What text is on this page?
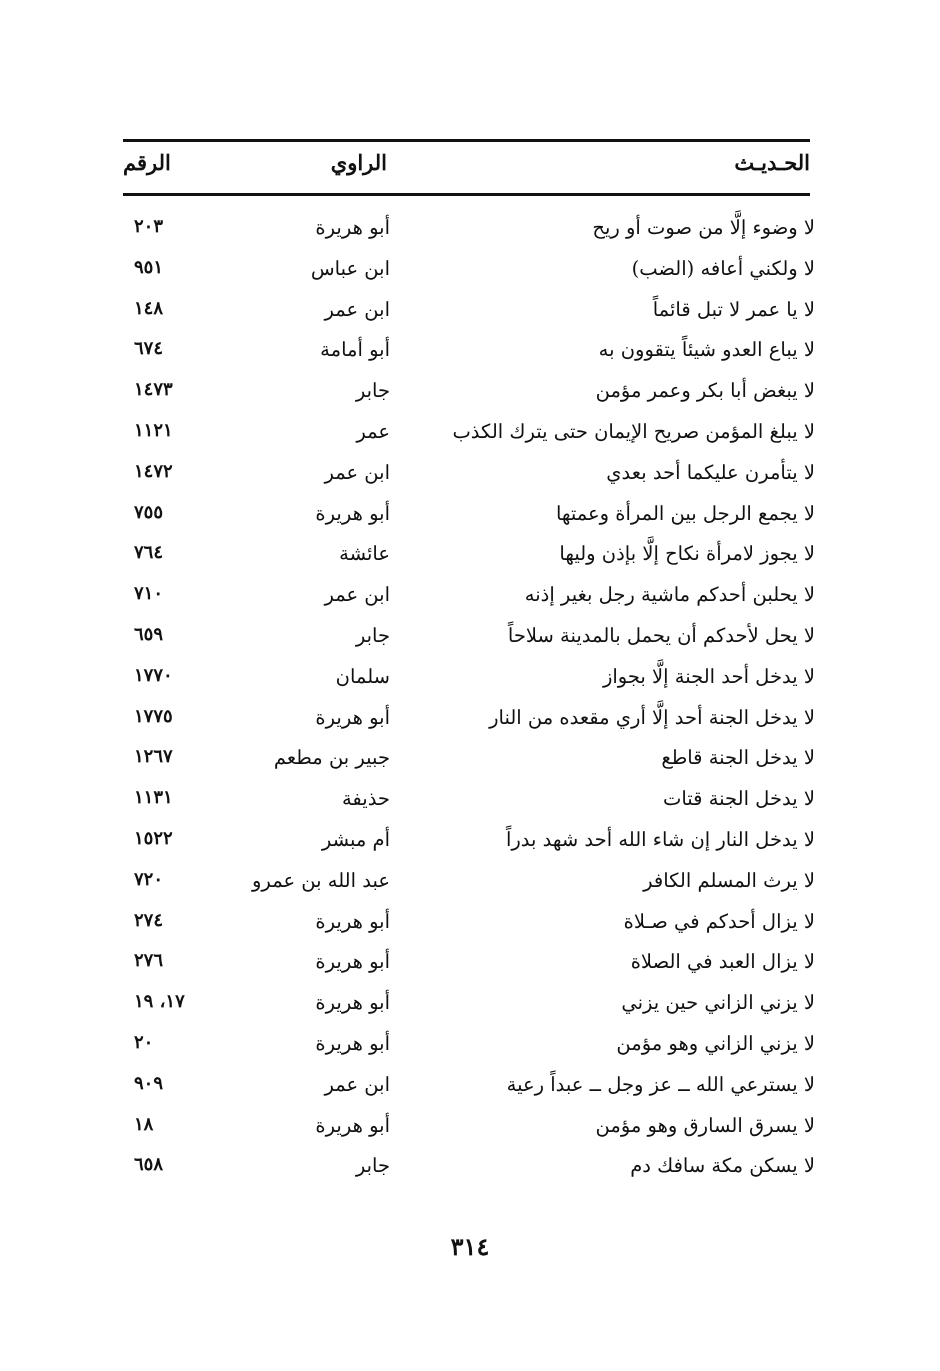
الحـديـث
الراوي
الرقم
لا وضوء إلَّا من صوت أو ريح
أبو هريرة
٢٠٣
لا ولكني أعافه (الضب)
ابن عباس
٩٥١
لا يا عمر لا تبل قائماً
ابن عمر
١٤٨
لا يباع العدو شيئاً يتقوون به
أبو أمامة
٦٧٤
لا يبغض أبا بكر وعمر مؤمن
جابر
١٤٧٣
لا يبلغ المؤمن صريح الإيمان حتى يترك الكذب
عمر
١١٢١
لا يتأمرن عليكما أحد بعدي
ابن عمر
١٤٧٢
لا يجمع الرجل بين المرأة وعمتها
أبو هريرة
٧٥٥
لا يجوز لامرأة نكاح إلَّا بإذن وليها
عائشة
٧٦٤
لا يحلبن أحدكم ماشية رجل بغير إذنه
ابن عمر
٧١٠
لا يحل لأحدكم أن يحمل بالمدينة سلاحاً
جابر
٦٥٩
لا يدخل أحد الجنة إلَّا بجواز
سلمان
١٧٧٠
لا يدخل الجنة أحد إلَّا أري مقعده من النار
أبو هريرة
١٧٧٥
لا يدخل الجنة قاطع
جبير بن مطعم
١٢٦٧
لا يدخل الجنة قتات
حذيفة
١١٣١
لا يدخل النار إن شاء الله أحد شهد بدراً
أم مبشر
١٥٢٢
لا يرث المسلم الكافر
عبد الله بن عمرو
٧٢٠
لا يزال أحدكم في صـلاة
أبو هريرة
٢٧٤
لا يزال العبد في الصلاة
أبو هريرة
٢٧٦
لا يزني الزاني حين يزني
أبو هريرة
١٧، ١٩
لا يزني الزاني وهو مؤمن
أبو هريرة
٢٠
لا يسترعي الله ــ عز وجل ــ عبداً رعية
ابن عمر
٩٠٩
لا يسرق السارق وهو مؤمن
أبو هريرة
١٨
لا يسكن مكة سافك دم
جابر
٦٥٨
٣١٤
